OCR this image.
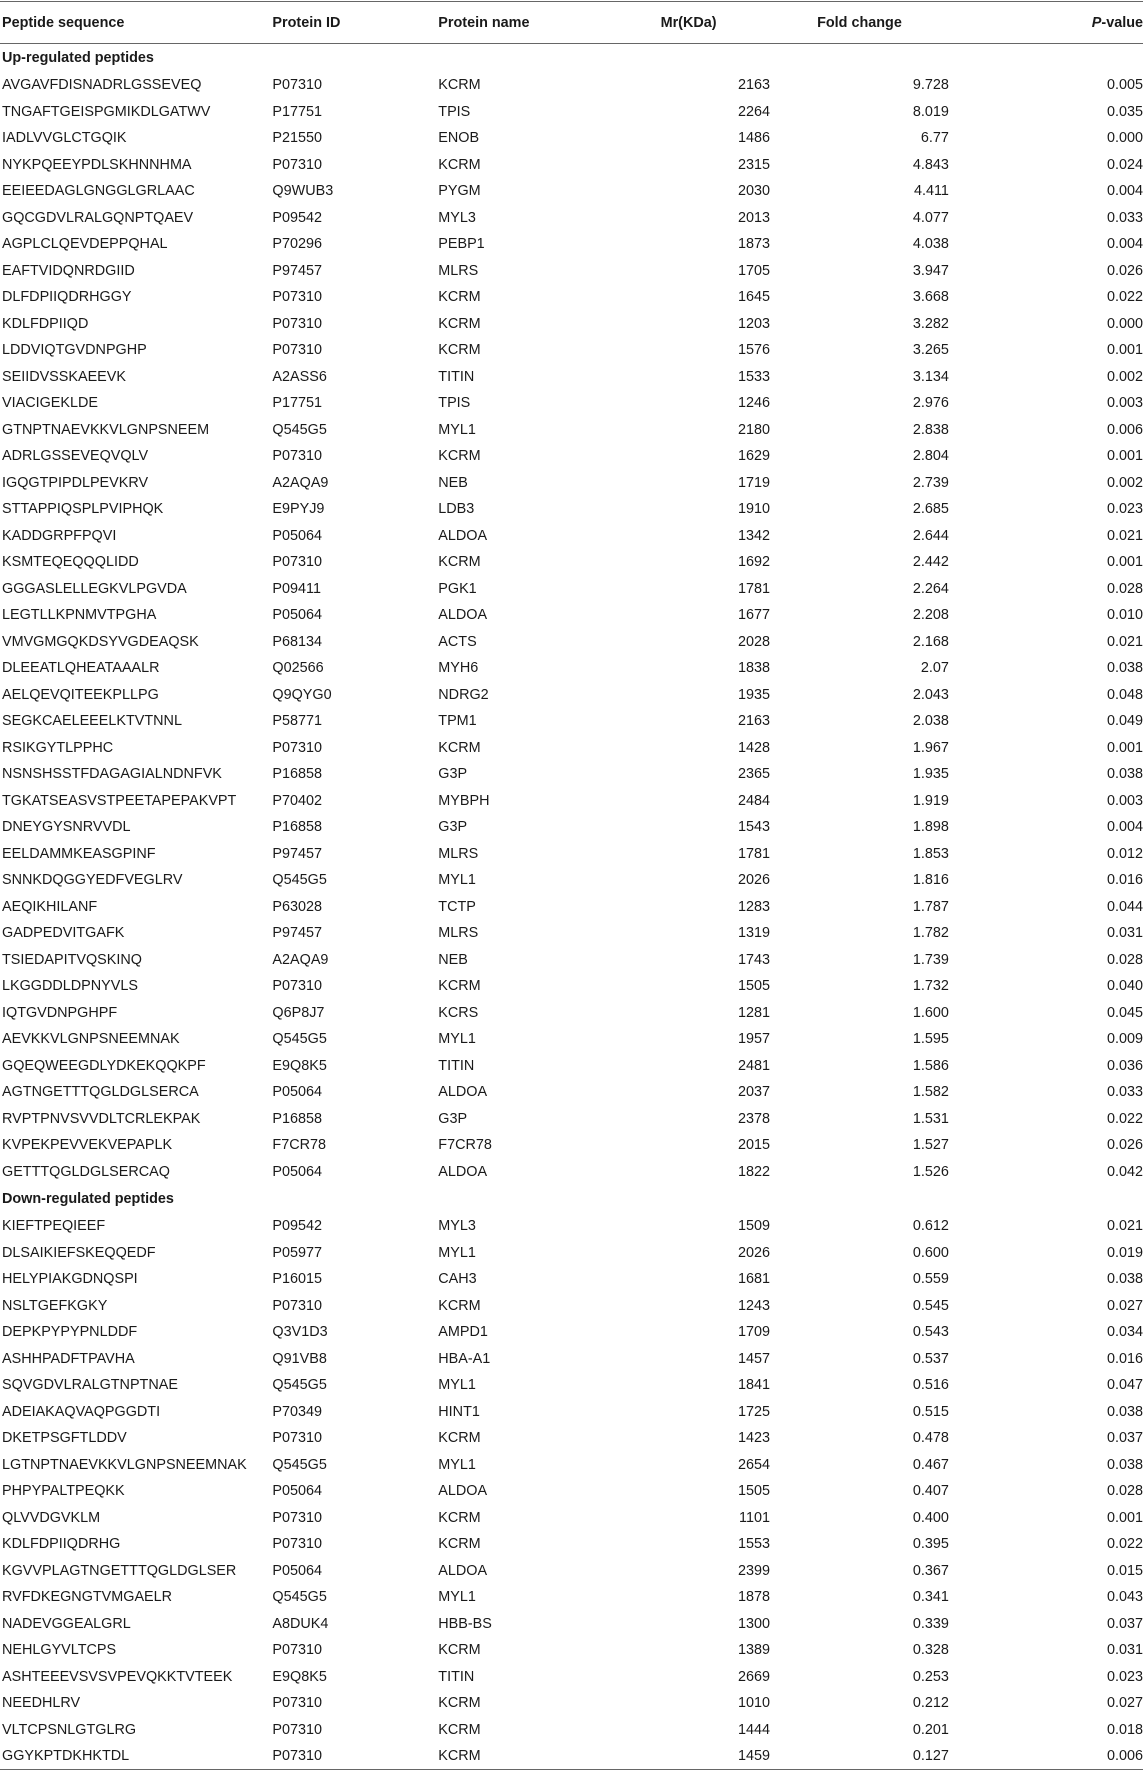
Peptide sequence	Protein ID	Protein name	Mr(KDa)	Fold change	P-value
Up-regulated peptides					
AVGAVFDISNADRLGSSEVEQ	P07310	KCRM	2163	9.728	0.005
TNGAFTGEISPGMIKDLGATWV	P17751	TPIS	2264	8.019	0.035
IADLVVGLCTGQIK	P21550	ENOB	1486	6.77	0.000
NYKPQEEYPDLSKHNNHMA	P07310	KCRM	2315	4.843	0.024
EEIEEDAGLGNGGLGRLAAC	Q9WUB3	PYGM	2030	4.411	0.004
GQCGDVLRALGQNPTQAEV	P09542	MYL3	2013	4.077	0.033
AGPLCLQEVDEPPQHAL	P70296	PEBP1	1873	4.038	0.004
EAFTVIDQNRDGIID	P97457	MLRS	1705	3.947	0.026
DLFDPIIQDRHGGY	P07310	KCRM	1645	3.668	0.022
KDLFDPIIQD	P07310	KCRM	1203	3.282	0.000
LDDVIQTGVDNPGHP	P07310	KCRM	1576	3.265	0.001
SEIIDVSSKAEEVK	A2ASS6	TITIN	1533	3.134	0.002
VIACIGEKLDE	P17751	TPIS	1246	2.976	0.003
GTNPTNAEVKKVLGNPSNEEM	Q545G5	MYL1	2180	2.838	0.006
ADRLGSSEVEQVQLV	P07310	KCRM	1629	2.804	0.001
IGQGTPIPDLPEVKRV	A2AQA9	NEB	1719	2.739	0.002
STTAPPIQSPLPVIPHQK	E9PYJ9	LDB3	1910	2.685	0.023
KADDGRPFPQVI	P05064	ALDOA	1342	2.644	0.021
KSMTEQEQQQLIDD	P07310	KCRM	1692	2.442	0.001
GGGASLELLEGKVLPGVDA	P09411	PGK1	1781	2.264	0.028
LEGTLLKPNMVTPGHA	P05064	ALDOA	1677	2.208	0.010
VMVGMGQKDSYVGDEAQSK	P68134	ACTS	2028	2.168	0.021
DLEEATLQHEATAAALR	Q02566	MYH6	1838	2.07	0.038
AELQEVQITEEKPLLPG	Q9QYG0	NDRG2	1935	2.043	0.048
SEGKCAELEEELKTVTNNL	P58771	TPM1	2163	2.038	0.049
RSIKGYTLPPHC	P07310	KCRM	1428	1.967	0.001
NSNSHSSTFDAGAGIALNDNFVK	P16858	G3P	2365	1.935	0.038
TGKATSEASVSTPEETAPEPAKVPT	P70402	MYBPH	2484	1.919	0.003
DNEYGYSNRVVDL	P16858	G3P	1543	1.898	0.004
EELDAMMKEASGPINF	P97457	MLRS	1781	1.853	0.012
SNNKDQGGYEDFVEGLRV	Q545G5	MYL1	2026	1.816	0.016
AEQIKHILANF	P63028	TCTP	1283	1.787	0.044
GADPEDVITGAFK	P97457	MLRS	1319	1.782	0.031
TSIEDAPITVQSKINQ	A2AQA9	NEB	1743	1.739	0.028
LKGGDDLDPNYVLS	P07310	KCRM	1505	1.732	0.040
IQTGVDNPGHPF	Q6P8J7	KCRS	1281	1.600	0.045
AEVKKVLGNPSNEEMNAK	Q545G5	MYL1	1957	1.595	0.009
GQEQWEEGDLYDKEKQQKPF	E9Q8K5	TITIN	2481	1.586	0.036
AGTNGETTTQGLDGLSERCA	P05064	ALDOA	2037	1.582	0.033
RVPTPNVSVVDLTCRLEKPAK	P16858	G3P	2378	1.531	0.022
KVPEKPEVVEKVEPAPLK	F7CR78	F7CR78	2015	1.527	0.026
GETTTQGLDGLSERCAQ	P05064	ALDOA	1822	1.526	0.042
Down-regulated peptides					
KIEFTPEQIEEF	P09542	MYL3	1509	0.612	0.021
DLSAIKIEFSKEQQEDF	P05977	MYL1	2026	0.600	0.019
HELYPIAKGDNQSPI	P16015	CAH3	1681	0.559	0.038
NSLTGEFKGKY	P07310	KCRM	1243	0.545	0.027
DEPKPYPYPNLDDF	Q3V1D3	AMPD1	1709	0.543	0.034
ASHHPADFTPAVHA	Q91VB8	HBA-A1	1457	0.537	0.016
SQVGDVLRALGTNPTNAE	Q545G5	MYL1	1841	0.516	0.047
ADEIAKAQVAQPGGDTI	P70349	HINT1	1725	0.515	0.038
DKETPSGFTLDDV	P07310	KCRM	1423	0.478	0.037
LGTNPTNAEVKKVLGNPSNEEMNAK	Q545G5	MYL1	2654	0.467	0.038
PHPYPALTPEQKK	P05064	ALDOA	1505	0.407	0.028
QLVVDGVKLM	P07310	KCRM	1101	0.400	0.001
KDLFDPIIQDRHG	P07310	KCRM	1553	0.395	0.022
KGVVPLAGTNGETTTQGLDGLSER	P05064	ALDOA	2399	0.367	0.015
RVFDKEGNGTVMGAELR	Q545G5	MYL1	1878	0.341	0.043
NADEVGGEALGRL	A8DUK4	HBB-BS	1300	0.339	0.037
NEHLGYVLTCPS	P07310	KCRM	1389	0.328	0.031
ASHTEEEVSVSVPEVQKKTVTEEK	E9Q8K5	TITIN	2669	0.253	0.023
NEEDHLRV	P07310	KCRM	1010	0.212	0.027
VLTCPSNLGTGLRG	P07310	KCRM	1444	0.201	0.018
GGYKPTDKHKTDL	P07310	KCRM	1459	0.127	0.006
